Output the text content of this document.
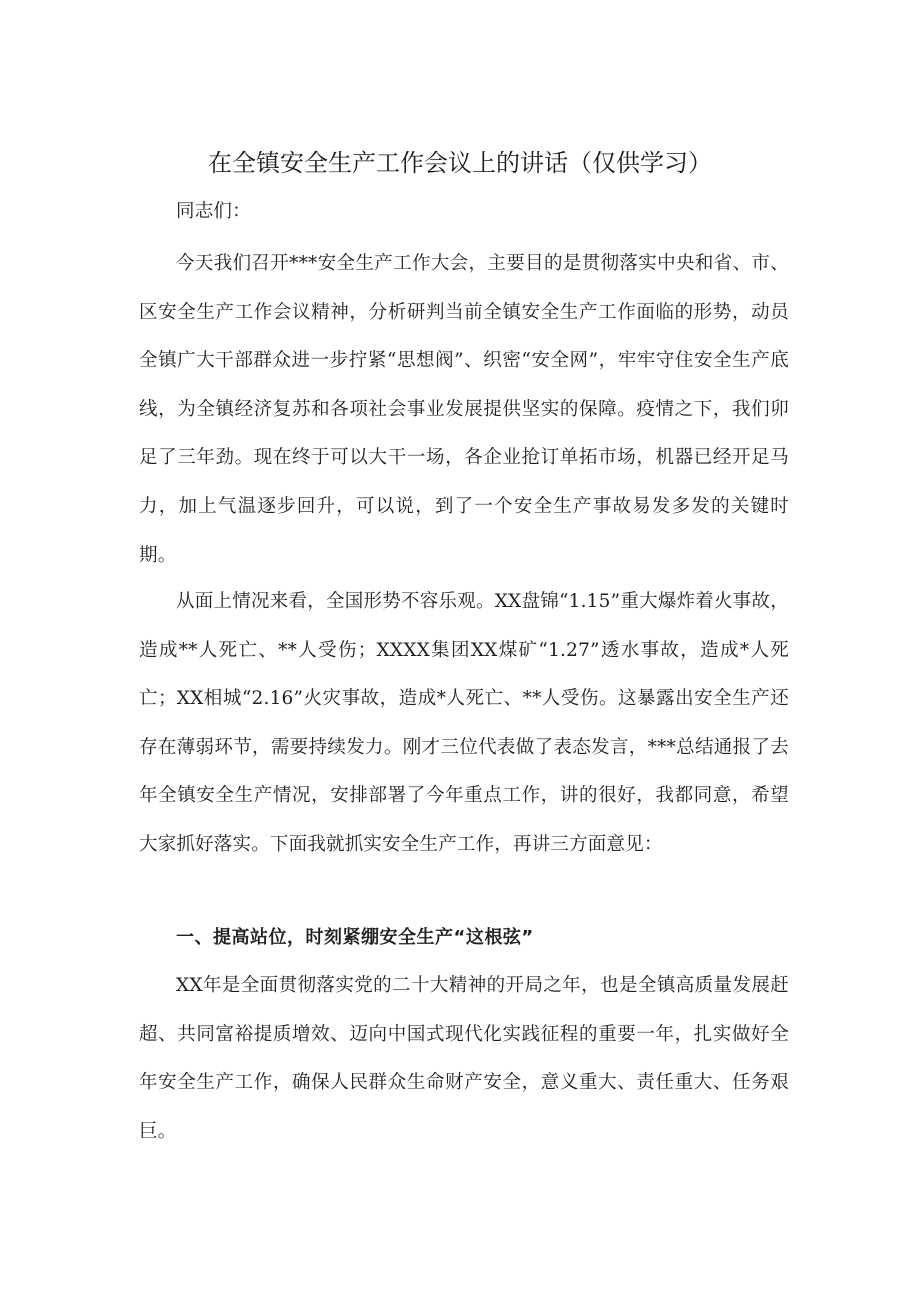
在全镇安全生产工作会议上的讲话（仅供学习）

同志们：

今天我们召开***安全生产工作大会，主要目的是贯彻落实中央和省、市、区安全生产工作会议精神，分析研判当前全镇安全生产工作面临的形势，动员全镇广大干部群众进一步拧紧“思想阀”、织密“安全网”，牢牢守住安全生产底线，为全镇经济复苏和各项社会事业发展提供坚实的保障。疫情之下，我们卯足了三年劲。现在终于可以大干一场，各企业抢订单拓市场，机器已经开足马力，加上气温逐步回升，可以说，到了一个安全生产事故易发多发的关键时期。

从面上情况来看，全国形势不容乐观。XX盘锦“1.15”重大爆炸着火事故，造成**人死亡、**人受伤；XXXX集团XX煤矿“1.27”透水事故，造成*人死亡；XX相城“2.16”火灾事故，造成*人死亡、**人受伤。这暴露出安全生产还存在薄弱环节，需要持续发力。刚才三位代表做了表态发言，***总结通报了去年全镇安全生产情况，安排部署了今年重点工作，讲的很好，我都同意，希望大家抓好落实。下面我就抓实安全生产工作，再讲三方面意见：

一、提高站位，时刻紧绷安全生产“这根弦”

XX年是全面贯彻落实党的二十大精神的开局之年，也是全镇高质量发展赶超、共同富裕提质增效、迈向中国式现代化实践征程的重要一年，扎实做好全年安全生产工作，确保人民群众生命财产安全，意义重大、责任重大、任务艰巨。
